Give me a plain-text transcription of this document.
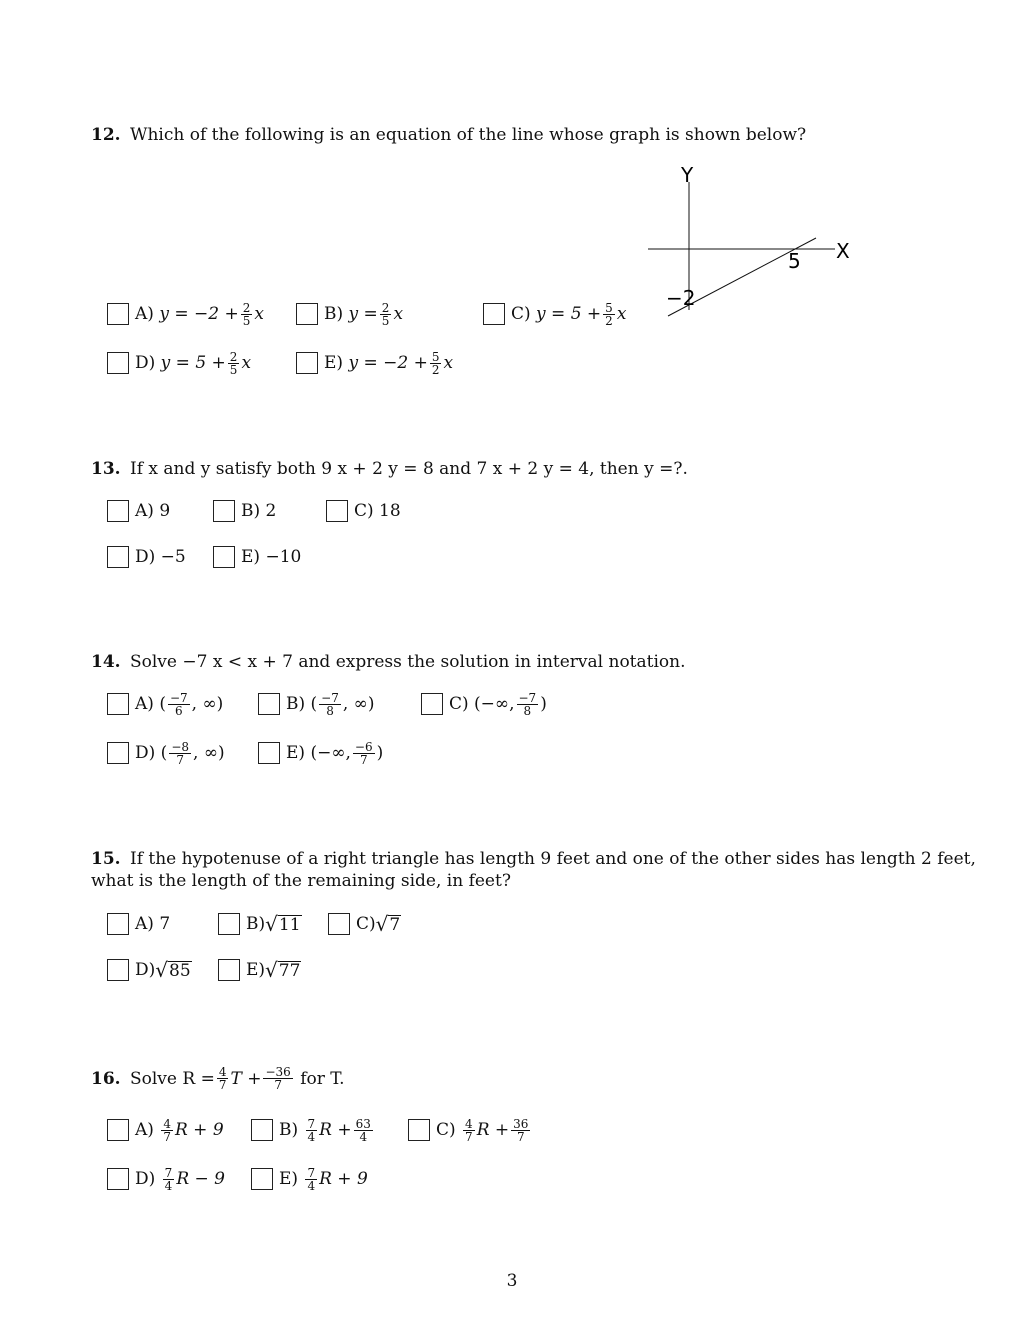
12. Which of the following is an equation of the line whose graph is shown below?
Y
X
5
−2
A)
$y = -2 + \frac{2}{5}$ x	B)
$y = \frac{2}{5}$ x	C)
$y = 5 + \frac{5}{2}$ x
D)
$y = 5 + \frac{2}{5}$ x	E)
$y = -2 + \frac{5}{2}$ x
13. If x and y satisfy both 9 x + 2 y = 8 and 7 x + 2 y = 4, then y =?.
A)
9	B)
2	C)
18
D)
−5	E)
−10
14. Solve −7 x < x + 7 and express the solution in interval notation.
A)
( $\frac{-7}{6}$ , ∞)	B)
( $\frac{-7}{8}$ , ∞)	C)
(−∞, $\frac{-7}{8}$ )
D)
( $\frac{-8}{7}$ , ∞)	E)
(−∞, $\frac{-6}{7}$ )
15. If the hypotenuse of a right triangle has length 9 feet and one of the other sides has length 2 feet,
what is the length of the remaining side, in feet?
A)
7	B) √ 11	C) √ 7
D) √ 85	E) √ 77
16.
Solve $R = \frac{4}{7}$ $T + \frac{-36}{7}$
for T.
A)
$\frac{4}{7}$ R + 9	B)
$\frac{7}{4}$ $R + \frac{63}{4}$	C)
$\frac{4}{7}$ $R + \frac{36}{7}$
D)
$\frac{7}{4}$ R − 9	E)
$\frac{7}{4}$ R + 9
3
